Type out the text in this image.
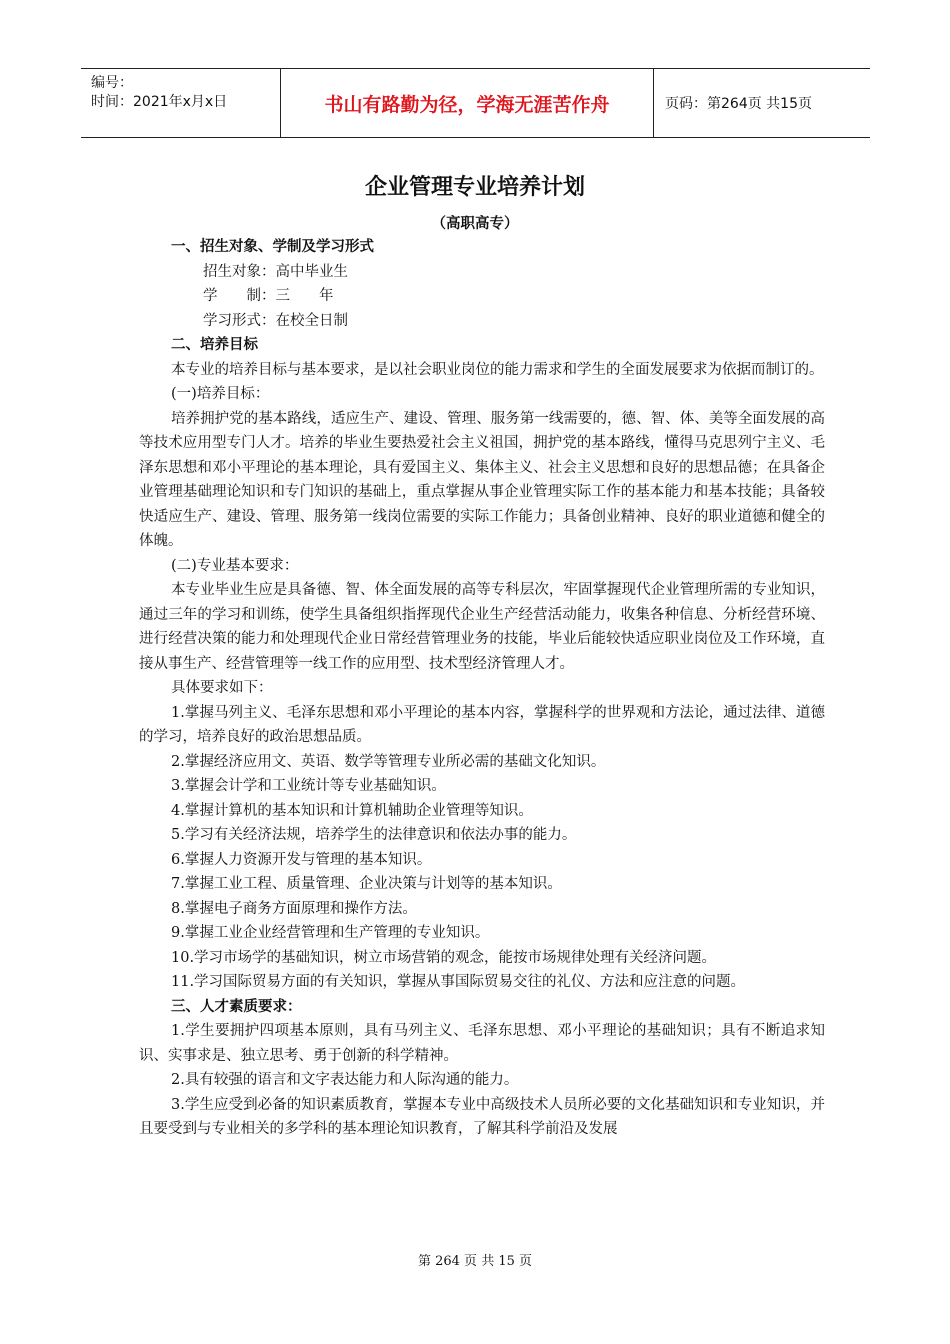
编号：
时间：2021年x月x日	书山有路勤为径，学海无涯苦作舟	页码：第264页 共15页
企业管理专业培养计划
（高职高专）

一、招生对象、学制及学习形式

招生对象：高中毕业生

学　　制：三　　年

学习形式：在校全日制

二、培养目标

本专业的培养目标与基本要求，是以社会职业岗位的能力需求和学生的全面发展要求为依据而制订的。

(一)培养目标：

培养拥护党的基本路线，适应生产、建设、管理、服务第一线需要的，德、智、体、美等全面发展的高等技术应用型专门人才。培养的毕业生要热爱社会主义祖国，拥护党的基本路线，懂得马克思列宁主义、毛泽东思想和邓小平理论的基本理论，具有爱国主义、集体主义、社会主义思想和良好的思想品德；在具备企业管理基础理论知识和专门知识的基础上，重点掌握从事企业管理实际工作的基本能力和基本技能；具备较快适应生产、建设、管理、服务第一线岗位需要的实际工作能力；具备创业精神、良好的职业道德和健全的体魄。

(二)专业基本要求：

本专业毕业生应是具备德、智、体全面发展的高等专科层次，牢固掌握现代企业管理所需的专业知识，通过三年的学习和训练，使学生具备组织指挥现代企业生产经营活动能力，收集各种信息、分析经营环境、进行经营决策的能力和处理现代企业日常经营管理业务的技能，毕业后能较快适应职业岗位及工作环境，直接从事生产、经营管理等一线工作的应用型、技术型经济管理人才。

具体要求如下：

1.掌握马列主义、毛泽东思想和邓小平理论的基本内容，掌握科学的世界观和方法论，通过法律、道德的学习，培养良好的政治思想品质。

2.掌握经济应用文、英语、数学等管理专业所必需的基础文化知识。

3.掌握会计学和工业统计等专业基础知识。

4.掌握计算机的基本知识和计算机辅助企业管理等知识。

5.学习有关经济法规，培养学生的法律意识和依法办事的能力。

6.掌握人力资源开发与管理的基本知识。

7.掌握工业工程、质量管理、企业决策与计划等的基本知识。

8.掌握电子商务方面原理和操作方法。

9.掌握工业企业经营管理和生产管理的专业知识。

10.学习市场学的基础知识，树立市场营销的观念，能按市场规律处理有关经济问题。

11.学习国际贸易方面的有关知识，掌握从事国际贸易交往的礼仪、方法和应注意的问题。

三、人才素质要求：

1.学生要拥护四项基本原则，具有马列主义、毛泽东思想、邓小平理论的基础知识；具有不断追求知识、实事求是、独立思考、勇于创新的科学精神。

2.具有较强的语言和文字表达能力和人际沟通的能力。

3.学生应受到必备的知识素质教育，掌握本专业中高级技术人员所必要的文化基础知识和专业知识，并且要受到与专业相关的多学科的基本理论知识教育，了解其科学前沿及发展

第 264 页 共 15 页
